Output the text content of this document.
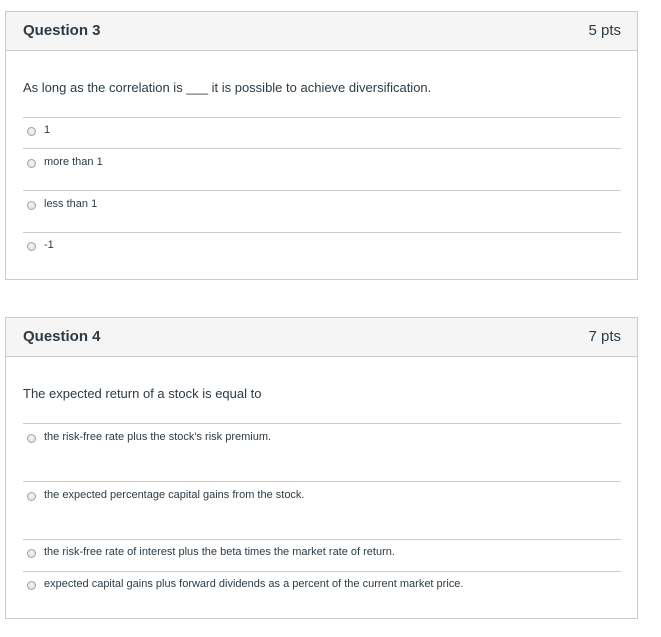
Question 3	5 pts
As long as the correlation is ___ it is possible to achieve diversification.
1
more than 1
less than 1
-1
Question 4	7 pts
The expected return of a stock is equal to
the risk-free rate plus the stock's risk premium.
the expected percentage capital gains from the stock.
the risk-free rate of interest plus the beta times the market rate of return.
expected capital gains plus forward dividends as a percent of the current market price.
